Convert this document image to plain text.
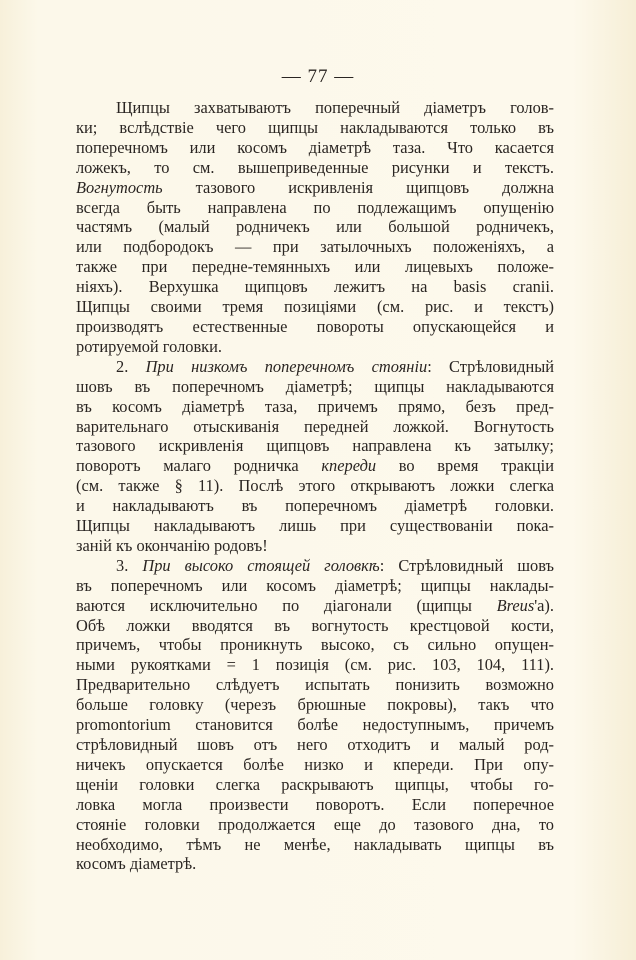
— 77 —
Щипцы захватываютъ поперечный діаметръ голов-
ки; вслѣдствіе чего щипцы накладываются только въ
поперечномъ или косомъ діаметрѣ таза. Что касается
ложекъ, то см. вышеприведенные рисунки и текстъ.
Вогнутость тазового искривленія щипцовъ должна
всегда быть направлена по подлежащимъ опущенію
частямъ (малый родничекъ или большой родничекъ,
или подбородокъ — при затылочныхъ положеніяхъ, а
также при передне-темянныхъ или лицевыхъ положе-
ніяхъ). Верхушка щипцовъ лежитъ на basis cranii.
Щипцы своими тремя позиціями (см. рис. и текстъ)
производятъ естественные повороты опускающейся и
ротируемой головки.
2. При низкомъ поперечномъ стояніи: Стрѣловидный
шовъ въ поперечномъ діаметрѣ; щипцы накладываются
въ косомъ діаметрѣ таза, причемъ прямо, безъ пред-
варительнаго отыскиванія передней ложкой. Вогнутость
тазового искривленія щипцовъ направлена къ затылку;
поворотъ малаго родничка кпереди во время тракціи
(см. также § 11). Послѣ этого открываютъ ложки слегка
и накладываютъ въ поперечномъ діаметрѣ головки.
Щипцы накладываютъ лишь при существованіи пока-
заній къ окончанію родовъ!
3. При высоко стоящей головкѣ: Стрѣловидный шовъ
въ поперечномъ или косомъ діаметрѣ; щипцы наклады-
ваются исключительно по діагонали (щипцы Breus'а).
Обѣ ложки вводятся въ вогнутость крестцовой кости,
причемъ, чтобы проникнуть высоко, съ сильно опущен-
ными рукоятками = 1 позиція (см. рис. 103, 104, 111).
Предварительно слѣдуетъ испытать понизить возможно
больше головку (черезъ брюшные покровы), такъ что
promontorium становится болѣе недоступнымъ, причемъ
стрѣловидный шовъ отъ него отходитъ и малый род-
ничекъ опускается болѣе низко и кпереди. При опу-
щеніи головки слегка раскрываютъ щипцы, чтобы го-
ловка могла произвести поворотъ. Если поперечное
стояніе головки продолжается еще до тазового дна, то
необходимо, тѣмъ не менѣе, накладывать щипцы въ
косомъ діаметрѣ.
